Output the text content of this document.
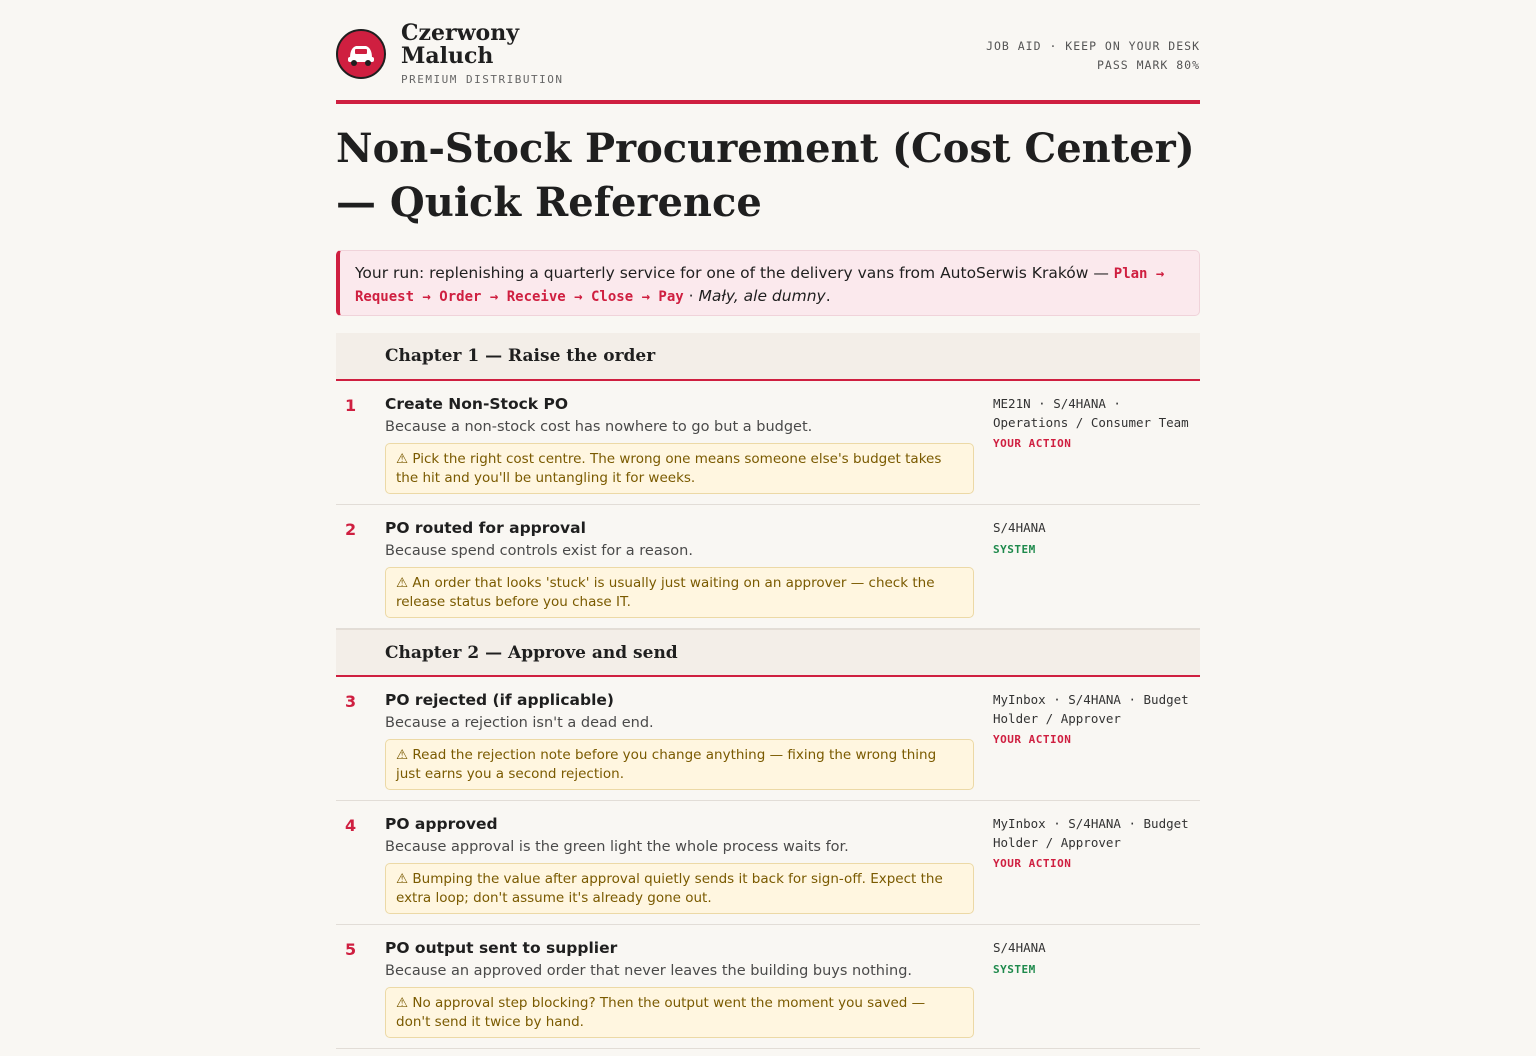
Czerwony Maluch
PREMIUM DISTRIBUTION
JOB AID · KEEP ON YOUR DESK
PASS MARK 80%
Non-Stock Procurement (Cost Center) — Quick Reference
Your run: replenishing a quarterly service for one of the delivery vans from AutoSerwis Kraków — Plan → Request → Order → Receive → Close → Pay · Mały, ale dumny.
Chapter 1 — Raise the order
1 Create Non-Stock PO
Because a non-stock cost has nowhere to go but a budget.
⚠ Pick the right cost centre. The wrong one means someone else's budget takes the hit and you'll be untangling it for weeks.
ME21N · S/4HANA · Operations / Consumer Team
YOUR ACTION
2 PO routed for approval
Because spend controls exist for a reason.
⚠ An order that looks 'stuck' is usually just waiting on an approver — check the release status before you chase IT.
S/4HANA
SYSTEM
Chapter 2 — Approve and send
3 PO rejected (if applicable)
Because a rejection isn't a dead end.
⚠ Read the rejection note before you change anything — fixing the wrong thing just earns you a second rejection.
MyInbox · S/4HANA · Budget Holder / Approver
YOUR ACTION
4 PO approved
Because approval is the green light the whole process waits for.
⚠ Bumping the value after approval quietly sends it back for sign-off. Expect the extra loop; don't assume it's already gone out.
MyInbox · S/4HANA · Budget Holder / Approver
YOUR ACTION
5 PO output sent to supplier
Because an approved order that never leaves the building buys nothing.
⚠ No approval step blocking? Then the output went the moment you saved — don't send it twice by hand.
S/4HANA
SYSTEM
